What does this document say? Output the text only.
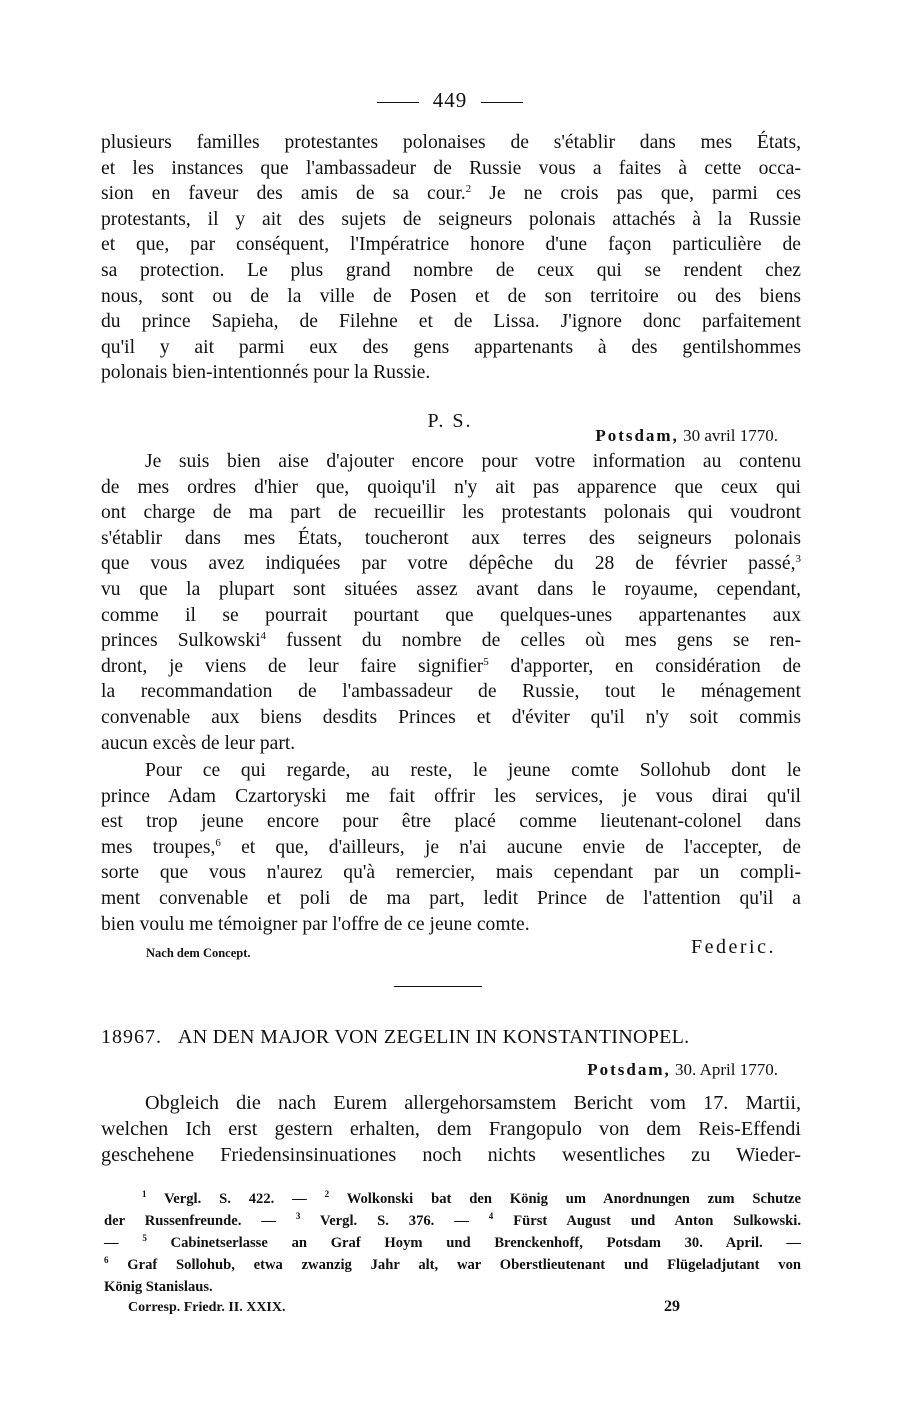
449
plusieurs familles protestantes polonaises de s'établir dans mes États,
et les instances que l'ambassadeur de Russie vous a faites à cette occa-
sion en faveur des amis de sa cour.$^2$ Je ne crois pas que, parmi ces
protestants, il y ait des sujets de seigneurs polonais attachés à la Russie
et que, par conséquent, l'Impératrice honore d'une façon particulière de
sa protection. Le plus grand nombre de ceux qui se rendent chez
nous, sont ou de la ville de Posen et de son territoire ou des biens
du prince Sapieha, de Filehne et de Lissa. J'ignore donc parfaitement
qu'il y ait parmi eux des gens appartenants à des gentilshommes
polonais bien-intentionnés pour la Russie.
P. S.
Potsdam, 30 avril 1770.
Je suis bien aise d'ajouter encore pour votre information au contenu
de mes ordres d'hier que, quoiqu'il n'y ait pas apparence que ceux qui
ont charge de ma part de recueillir les protestants polonais qui voudront
s'établir dans mes États, toucheront aux terres des seigneurs polonais
que vous avez indiquées par votre dépêche du 28 de février passé,$^3$
vu que la plupart sont situées assez avant dans le royaume, cependant,
comme il se pourrait pourtant que quelques-unes appartenantes aux
princes Sulkowski$^4$ fussent du nombre de celles où mes gens se ren-
dront, je viens de leur faire signifier$^5$ d'apporter, en considération de
la recommandation de l'ambassadeur de Russie, tout le ménagement
convenable aux biens desdits Princes et d'éviter qu'il n'y soit commis
aucun excès de leur part.
Pour ce qui regarde, au reste, le jeune comte Sollohub dont le
prince Adam Czartoryski me fait offrir les services, je vous dirai qu'il
est trop jeune encore pour être placé comme lieutenant-colonel dans
mes troupes,$^6$ et que, d'ailleurs, je n'ai aucune envie de l'accepter, de
sorte que vous n'aurez qu'à remercier, mais cependant par un compli-
ment convenable et poli de ma part, ledit Prince de l'attention qu'il a
bien voulu me témoigner par l'offre de ce jeune comte.
Nach dem Concept.	Federic.
18967. AN DEN MAJOR VON ZEGELIN IN KONSTANTINOPEL.
Potsdam, 30. April 1770.
Obgleich die nach Eurem allergehorsamstem Bericht vom 17. Martii,
welchen Ich erst gestern erhalten, dem Frangopulo von dem Reis-Effendi
geschehene Friedensinsinuationes noch nichts wesentliches zu Wieder-
$^1$ Vergl. S. 422. — $^2$ Wolkonski bat den König um Anordnungen zum Schutze
der Russenfreunde. — $^3$ Vergl. S. 376. — $^4$ Fürst August und Anton Sulkowski.
— $^5$ Cabinetserlasse an Graf Hoym und Brenckenhoff, Potsdam 30. April. —
$^6$ Graf Sollohub, etwa zwanzig Jahr alt, war Oberstlieutenant und Flügeladjutant von
König Stanislaus.
Corresp. Friedr. II. XXIX.	29
